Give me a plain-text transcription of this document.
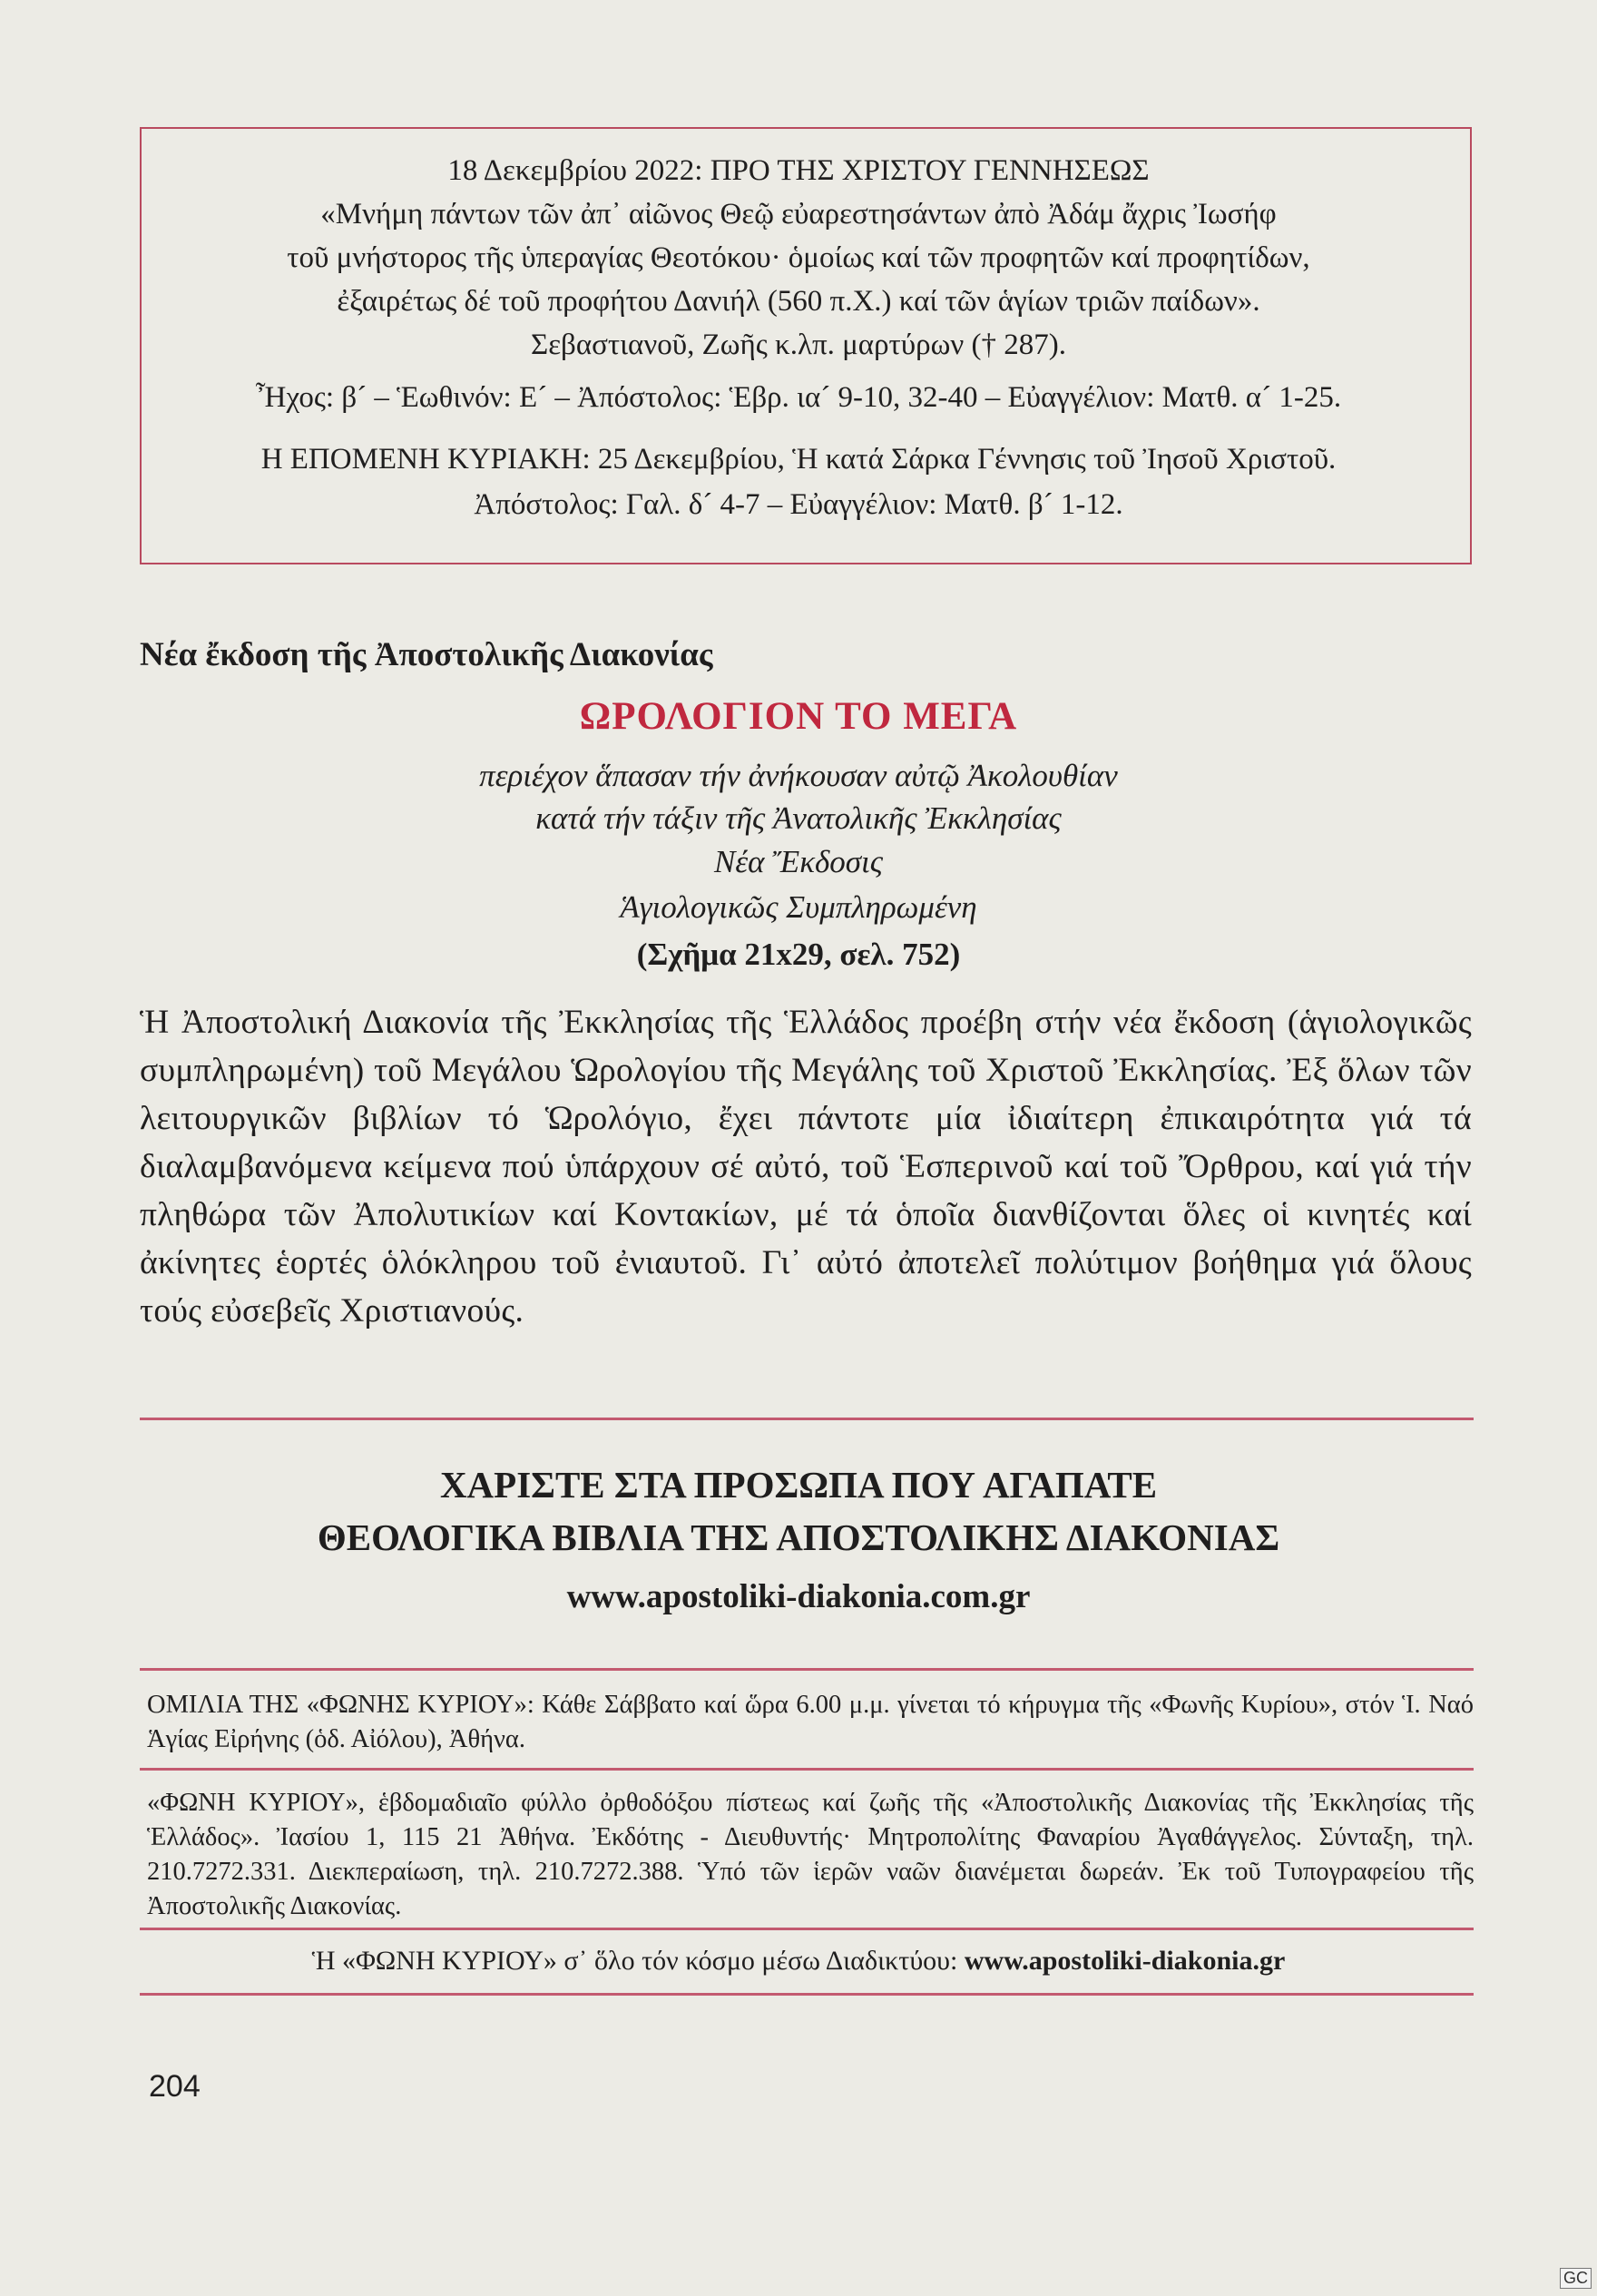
18 Δεκεμβρίου 2022: ΠΡΟ ΤΗΣ ΧΡΙΣΤΟΥ ΓΕΝΝΗΣΕΩΣ
«Μνήμη πάντων τῶν ἀπ᾽ αἰῶνος Θεῷ εὐαρεστησάντων ἀπὸ Ἀδάμ ἄχρις Ἰωσήφ
τοῦ μνήστορος τῆς ὑπεραγίας Θεοτόκου· ὁμοίως καί τῶν προφητῶν καί προφητίδων,
ἐξαιρέτως δέ τοῦ προφήτου Δανιήλ (560 π.Χ.) καί τῶν ἁγίων τριῶν παίδων».
Σεβαστιανοῦ, Ζωῆς κ.λπ. μαρτύρων († 287).
Ἦχος: β´ – Ἑωθινόν: Ε´ – Ἀπόστολος: Ἑβρ. ια´ 9-10, 32-40 – Εὐαγγέλιον: Ματθ. α´ 1-25.
Η ΕΠΟΜΕΝΗ ΚΥΡΙΑΚΗ: 25 Δεκεμβρίου, Ἡ κατά Σάρκα Γέννησις τοῦ Ἰησοῦ Χριστοῦ.
Ἀπόστολος: Γαλ. δ´ 4-7 – Εὐαγγέλιον: Ματθ. β´ 1-12.
Νέα ἔκδοση τῆς Ἀποστολικῆς Διακονίας
ΩΡΟΛΟΓΙΟΝ ΤΟ ΜΕΓΑ
περιέχον ἅπασαν τήν ἀνήκουσαν αὐτῷ Ἀκολουθίαν
κατά τήν τάξιν τῆς Ἀνατολικῆς Ἐκκλησίας
Νέα Ἔκδοσις
Ἁγιολογικῶς Συμπληρωμένη
(Σχῆμα 21x29, σελ. 752)
Ἡ Ἀποστολική Διακονία τῆς Ἐκκλησίας τῆς Ἑλλάδος προέβη στήν νέα ἔκδοση (ἁγιολογικῶς συμπληρωμένη) τοῦ Μεγάλου Ὡρολογίου τῆς Μεγάλης τοῦ Χριστοῦ Ἐκκλησίας. Ἐξ ὅλων τῶν λειτουργικῶν βιβλίων τό Ὡρολόγιο, ἔχει πάντοτε μία ἰδιαίτερη ἐπικαιρότητα γιά τά διαλαμβανόμενα κείμενα πού ὑπάρχουν σέ αὐτό, τοῦ Ἑσπερινοῦ καί τοῦ Ὄρθρου, καί γιά τήν πληθώρα τῶν Ἀπολυτικίων καί Κοντακίων, μέ τά ὁποῖα διανθίζονται ὅλες οἱ κινητές καί ἀκίνητες ἑορτές ὁλόκληρου τοῦ ἐνιαυτοῦ. Γι᾽ αὐτό ἀποτελεῖ πολύτιμον βοήθημα γιά ὅλους τούς εὐσεβεῖς Χριστιανούς.
ΧΑΡΙΣΤΕ ΣΤΑ ΠΡΟΣΩΠΑ ΠΟΥ ΑΓΑΠΑΤΕ
ΘΕΟΛΟΓΙΚΑ ΒΙΒΛΙΑ ΤΗΣ ΑΠΟΣΤΟΛΙΚΗΣ ΔΙΑΚΟΝΙΑΣ
www.apostoliki-diakonia.com.gr
ΟΜΙΛΙΑ ΤΗΣ «ΦΩΝΗΣ ΚΥΡΙΟΥ»: Κάθε Σάββατο καί ὥρα 6.00 μ.μ. γίνεται τό κήρυγμα τῆς «Φωνῆς Κυρίου», στόν Ἱ. Ναό Ἁγίας Εἰρήνης (ὁδ. Αἰόλου), Ἀθήνα.
«ΦΩΝΗ ΚΥΡΙΟΥ», ἑβδομαδιαῖο φύλλο ὀρθοδόξου πίστεως καί ζωῆς τῆς «Ἀποστολικῆς Διακονίας τῆς Ἐκκλησίας τῆς Ἑλλάδος». Ἰασίου 1, 115 21 Ἀθήνα. Ἐκδότης - Διευθυντής· Μητροπολίτης Φαναρίου Ἀγαθάγγελος. Σύνταξη, τηλ. 210.7272.331. Διεκπεραίωση, τηλ. 210.7272.388. Ὑπό τῶν ἱερῶν ναῶν διανέμεται δωρεάν. Ἐκ τοῦ Τυπογραφείου τῆς Ἀποστολικῆς Διακονίας.
Ἡ «ΦΩΝΗ ΚΥΡΙΟΥ» σ᾽ ὅλο τόν κόσμο μέσω Διαδικτύου: www.apostoliki-diakonia.gr
204
GC
